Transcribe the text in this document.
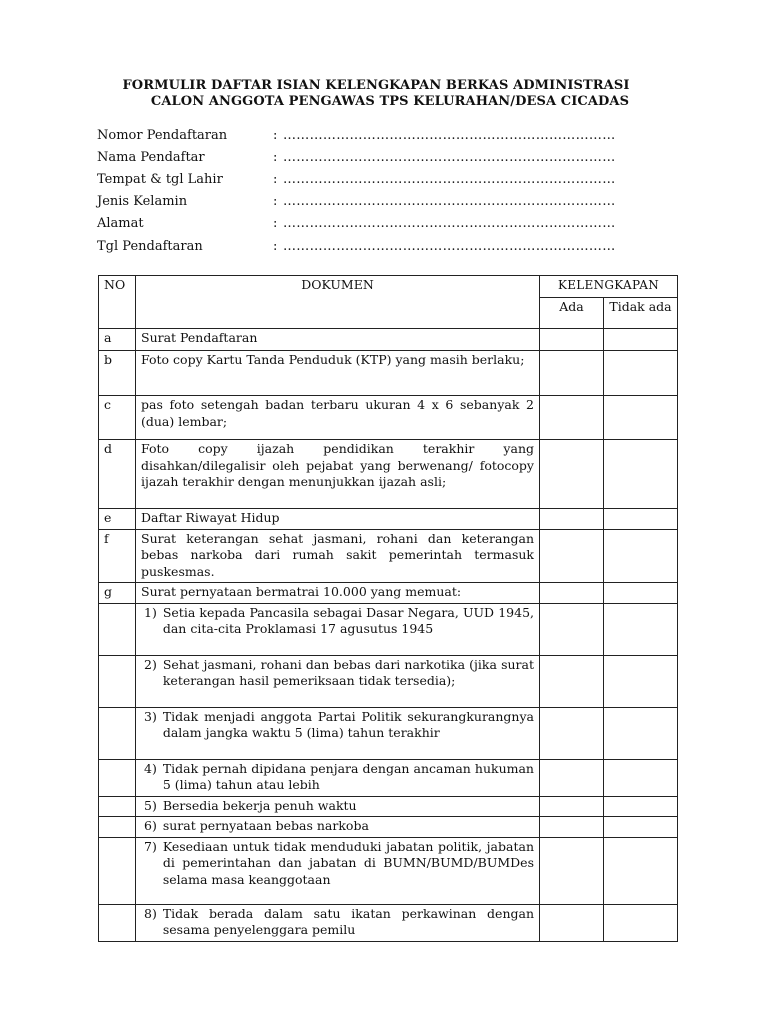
FORMULIR DAFTAR ISIAN KELENGKAPAN BERKAS ADMINISTRASI
CALON ANGGOTA PENGAWAS TPS KELURAHAN/DESA CICADAS
Nomor Pendaftaran	: …………………………………………………………………
Nama Pendaftar	: …………………………………………………………………
Tempat & tgl Lahir	: …………………………………………………………………
Jenis Kelamin	: …………………………………………………………………
Alamat	: …………………………………………………………………
Tgl Pendaftaran	: …………………………………………………………………
NO	DOKUMEN	KELENGKAPAN	
		Ada	Tidak ada
a	Surat Pendaftaran		
b	Foto copy Kartu Tanda Penduduk (KTP) yang masih berlaku;		
c	pas foto setengah badan terbaru ukuran 4 x 6 sebanyak 2 (dua) lembar;		
d	Foto copy ijazah pendidikan terakhir yang disahkan/dilegalisir oleh pejabat yang berwenang/ fotocopy ijazah terakhir dengan menunjukkan ijazah asli;		
e	Daftar Riwayat Hidup		
f	Surat keterangan sehat jasmani, rohani dan keterangan bebas narkoba dari rumah sakit pemerintah termasuk puskesmas.		
g	Surat pernyataan bermatrai 10.000 yang memuat:		

	1) Setia kepada Pancasila sebagai Dasar Negara, UUD 1945, dan cita-cita Proklamasi 17 agusutus 1945		

	2) Sehat jasmani, rohani dan bebas dari narkotika (jika surat keterangan hasil pemeriksaan tidak tersedia);		

	3) Tidak menjadi anggota Partai Politik sekurangkurangnya dalam jangka waktu 5 (lima) tahun terakhir		

	4) Tidak pernah dipidana penjara dengan ancaman hukuman 5 (lima) tahun atau lebih		

	5) Bersedia bekerja penuh waktu		

	6) surat pernyataan bebas narkoba		

	7) Kesediaan untuk tidak menduduki jabatan politik, jabatan di pemerintahan dan jabatan di BUMN/BUMD/BUMDes selama masa keanggotaan		

	8) Tidak berada dalam satu ikatan perkawinan dengan sesama penyelenggara pemilu		
